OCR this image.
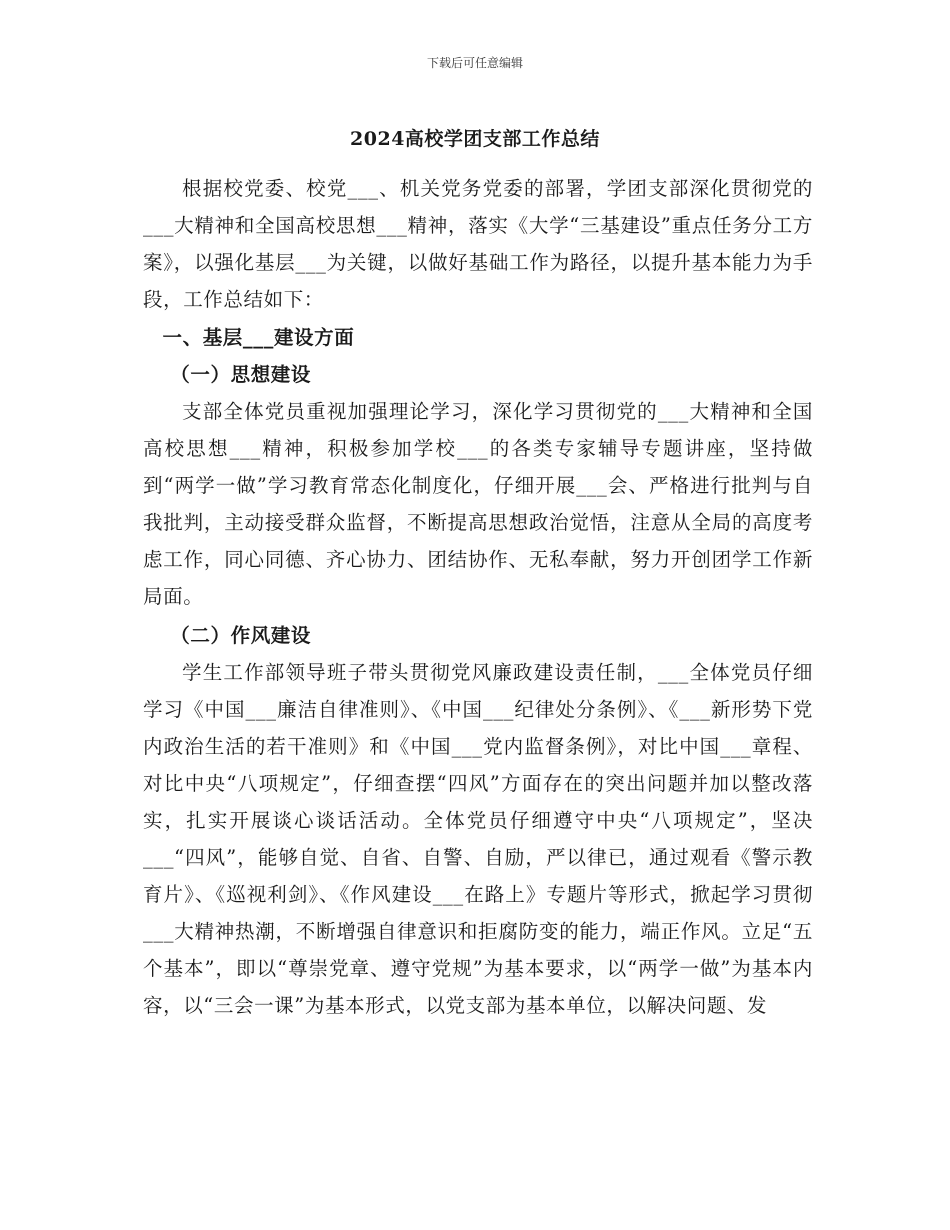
下载后可任意编辑
2024高校学团支部工作总结

根据校党委、校党___、机关党务党委的部署，学团支部深化贯彻党的___大精神和全国高校思想___精神，落实《大学“三基建设”重点任务分工方案》，以强化基层___为关键，以做好基础工作为路径，以提升基本能力为手段，工作总结如下：

一、基层___建设方面

（一）思想建设

支部全体党员重视加强理论学习，深化学习贯彻党的___大精神和全国高校思想___精神，积极参加学校___的各类专家辅导专题讲座，坚持做到“两学一做”学习教育常态化制度化，仔细开展___会、严格进行批判与自我批判，主动接受群众监督，不断提高思想政治觉悟，注意从全局的高度考虑工作，同心同德、齐心协力、团结协作、无私奉献，努力开创团学工作新局面。

（二）作风建设

学生工作部领导班子带头贯彻党风廉政建设责任制，___全体党员仔细学习《中国___廉洁自律准则》、《中国___纪律处分条例》、《___新形势下党内政治生活的若干准则》和《中国___党内监督条例》，对比中国___章程、对比中央“八项规定”，仔细查摆“四风”方面存在的突出问题并加以整改落实，扎实开展谈心谈话活动。全体党员仔细遵守中央“八项规定”，坚决___“四风”，能够自觉、自省、自警、自励，严以律已，通过观看《警示教育片》、《巡视利剑》、《作风建设___在路上》专题片等形式，掀起学习贯彻___大精神热潮，不断增强自律意识和拒腐防变的能力，端正作风。立足“五个基本”，即以“尊崇党章、遵守党规”为基本要求，以“两学一做”为基本内容，以“三会一课”为基本形式，以党支部为基本单位，以解决问题、发
